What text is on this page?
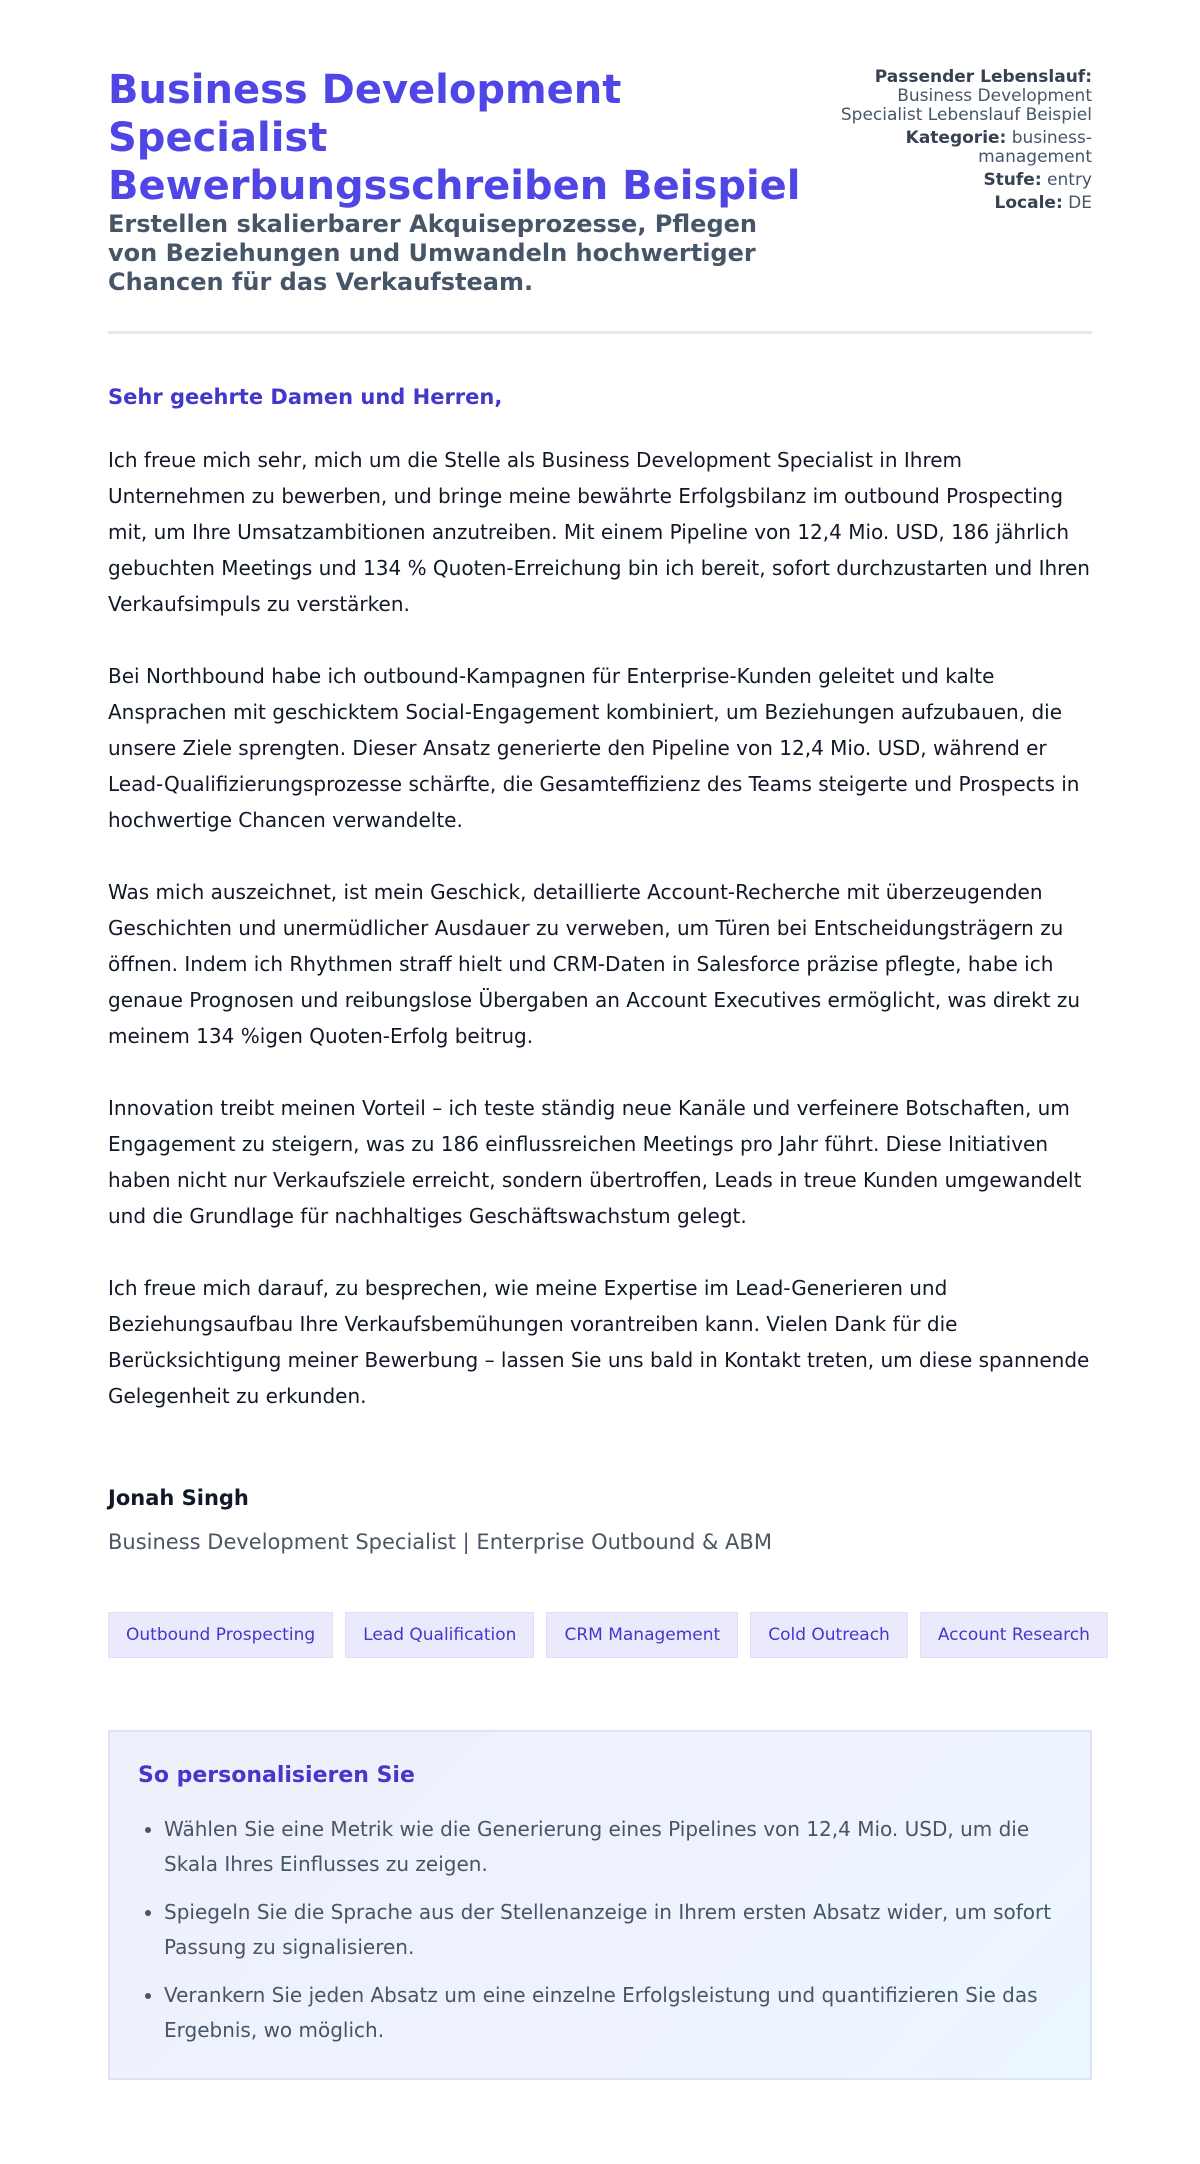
Business Development Specialist Bewerbungsschreiben Beispiel
Erstellen skalierbarer Akquiseprozesse, Pflegen von Beziehungen und Umwandeln hochwertiger Chancen für das Verkaufsteam.
Passender Lebenslauf: Business Development Specialist Lebenslauf Beispiel
Kategorie: business-management
Stufe: entry
Locale: DE

Sehr geehrte Damen und Herren,

Ich freue mich sehr, mich um die Stelle als Business Development Specialist in Ihrem Unternehmen zu bewerben, und bringe meine bewährte Erfolgsbilanz im outbound Prospecting mit, um Ihre Umsatzambitionen anzutreiben. Mit einem Pipeline von 12,4 Mio. USD, 186 jährlich gebuchten Meetings und 134 % Quoten-Erreichung bin ich bereit, sofort durchzustarten und Ihren Verkaufsimpuls zu verstärken.

Bei Northbound habe ich outbound-Kampagnen für Enterprise-Kunden geleitet und kalte Ansprachen mit geschicktem Social-Engagement kombiniert, um Beziehungen aufzubauen, die unsere Ziele sprengten. Dieser Ansatz generierte den Pipeline von 12,4 Mio. USD, während er Lead-Qualifizierungsprozesse schärfte, die Gesamteffizienz des Teams steigerte und Prospects in hochwertige Chancen verwandelte.

Was mich auszeichnet, ist mein Geschick, detaillierte Account-Recherche mit überzeugenden Geschichten und unermüdlicher Ausdauer zu verweben, um Türen bei Entscheidungsträgern zu öffnen. Indem ich Rhythmen straff hielt und CRM-Daten in Salesforce präzise pflegte, habe ich genaue Prognosen und reibungslose Übergaben an Account Executives ermöglicht, was direkt zu meinem 134 %igen Quoten-Erfolg beitrug.

Innovation treibt meinen Vorteil – ich teste ständig neue Kanäle und verfeinere Botschaften, um Engagement zu steigern, was zu 186 einflussreichen Meetings pro Jahr führt. Diese Initiativen haben nicht nur Verkaufsziele erreicht, sondern übertroffen, Leads in treue Kunden umgewandelt und die Grundlage für nachhaltiges Geschäftswachstum gelegt.

Ich freue mich darauf, zu besprechen, wie meine Expertise im Lead-Generieren und Beziehungsaufbau Ihre Verkaufsbemühungen vorantreiben kann. Vielen Dank für die Berücksichtigung meiner Bewerbung – lassen Sie uns bald in Kontakt treten, um diese spannende Gelegenheit zu erkunden.

Jonah Singh
Business Development Specialist | Enterprise Outbound & ABM
Outbound Prospecting	Lead Qualification	CRM Management	Cold Outreach	Account Research
So personalisieren Sie
• Wählen Sie eine Metrik wie die Generierung eines Pipelines von 12,4 Mio. USD, um die Skala Ihres Einflusses zu zeigen.
• Spiegeln Sie die Sprache aus der Stellenanzeige in Ihrem ersten Absatz wider, um sofort Passung zu signalisieren.
• Verankern Sie jeden Absatz um eine einzelne Erfolgsleistung und quantifizieren Sie das Ergebnis, wo möglich.
